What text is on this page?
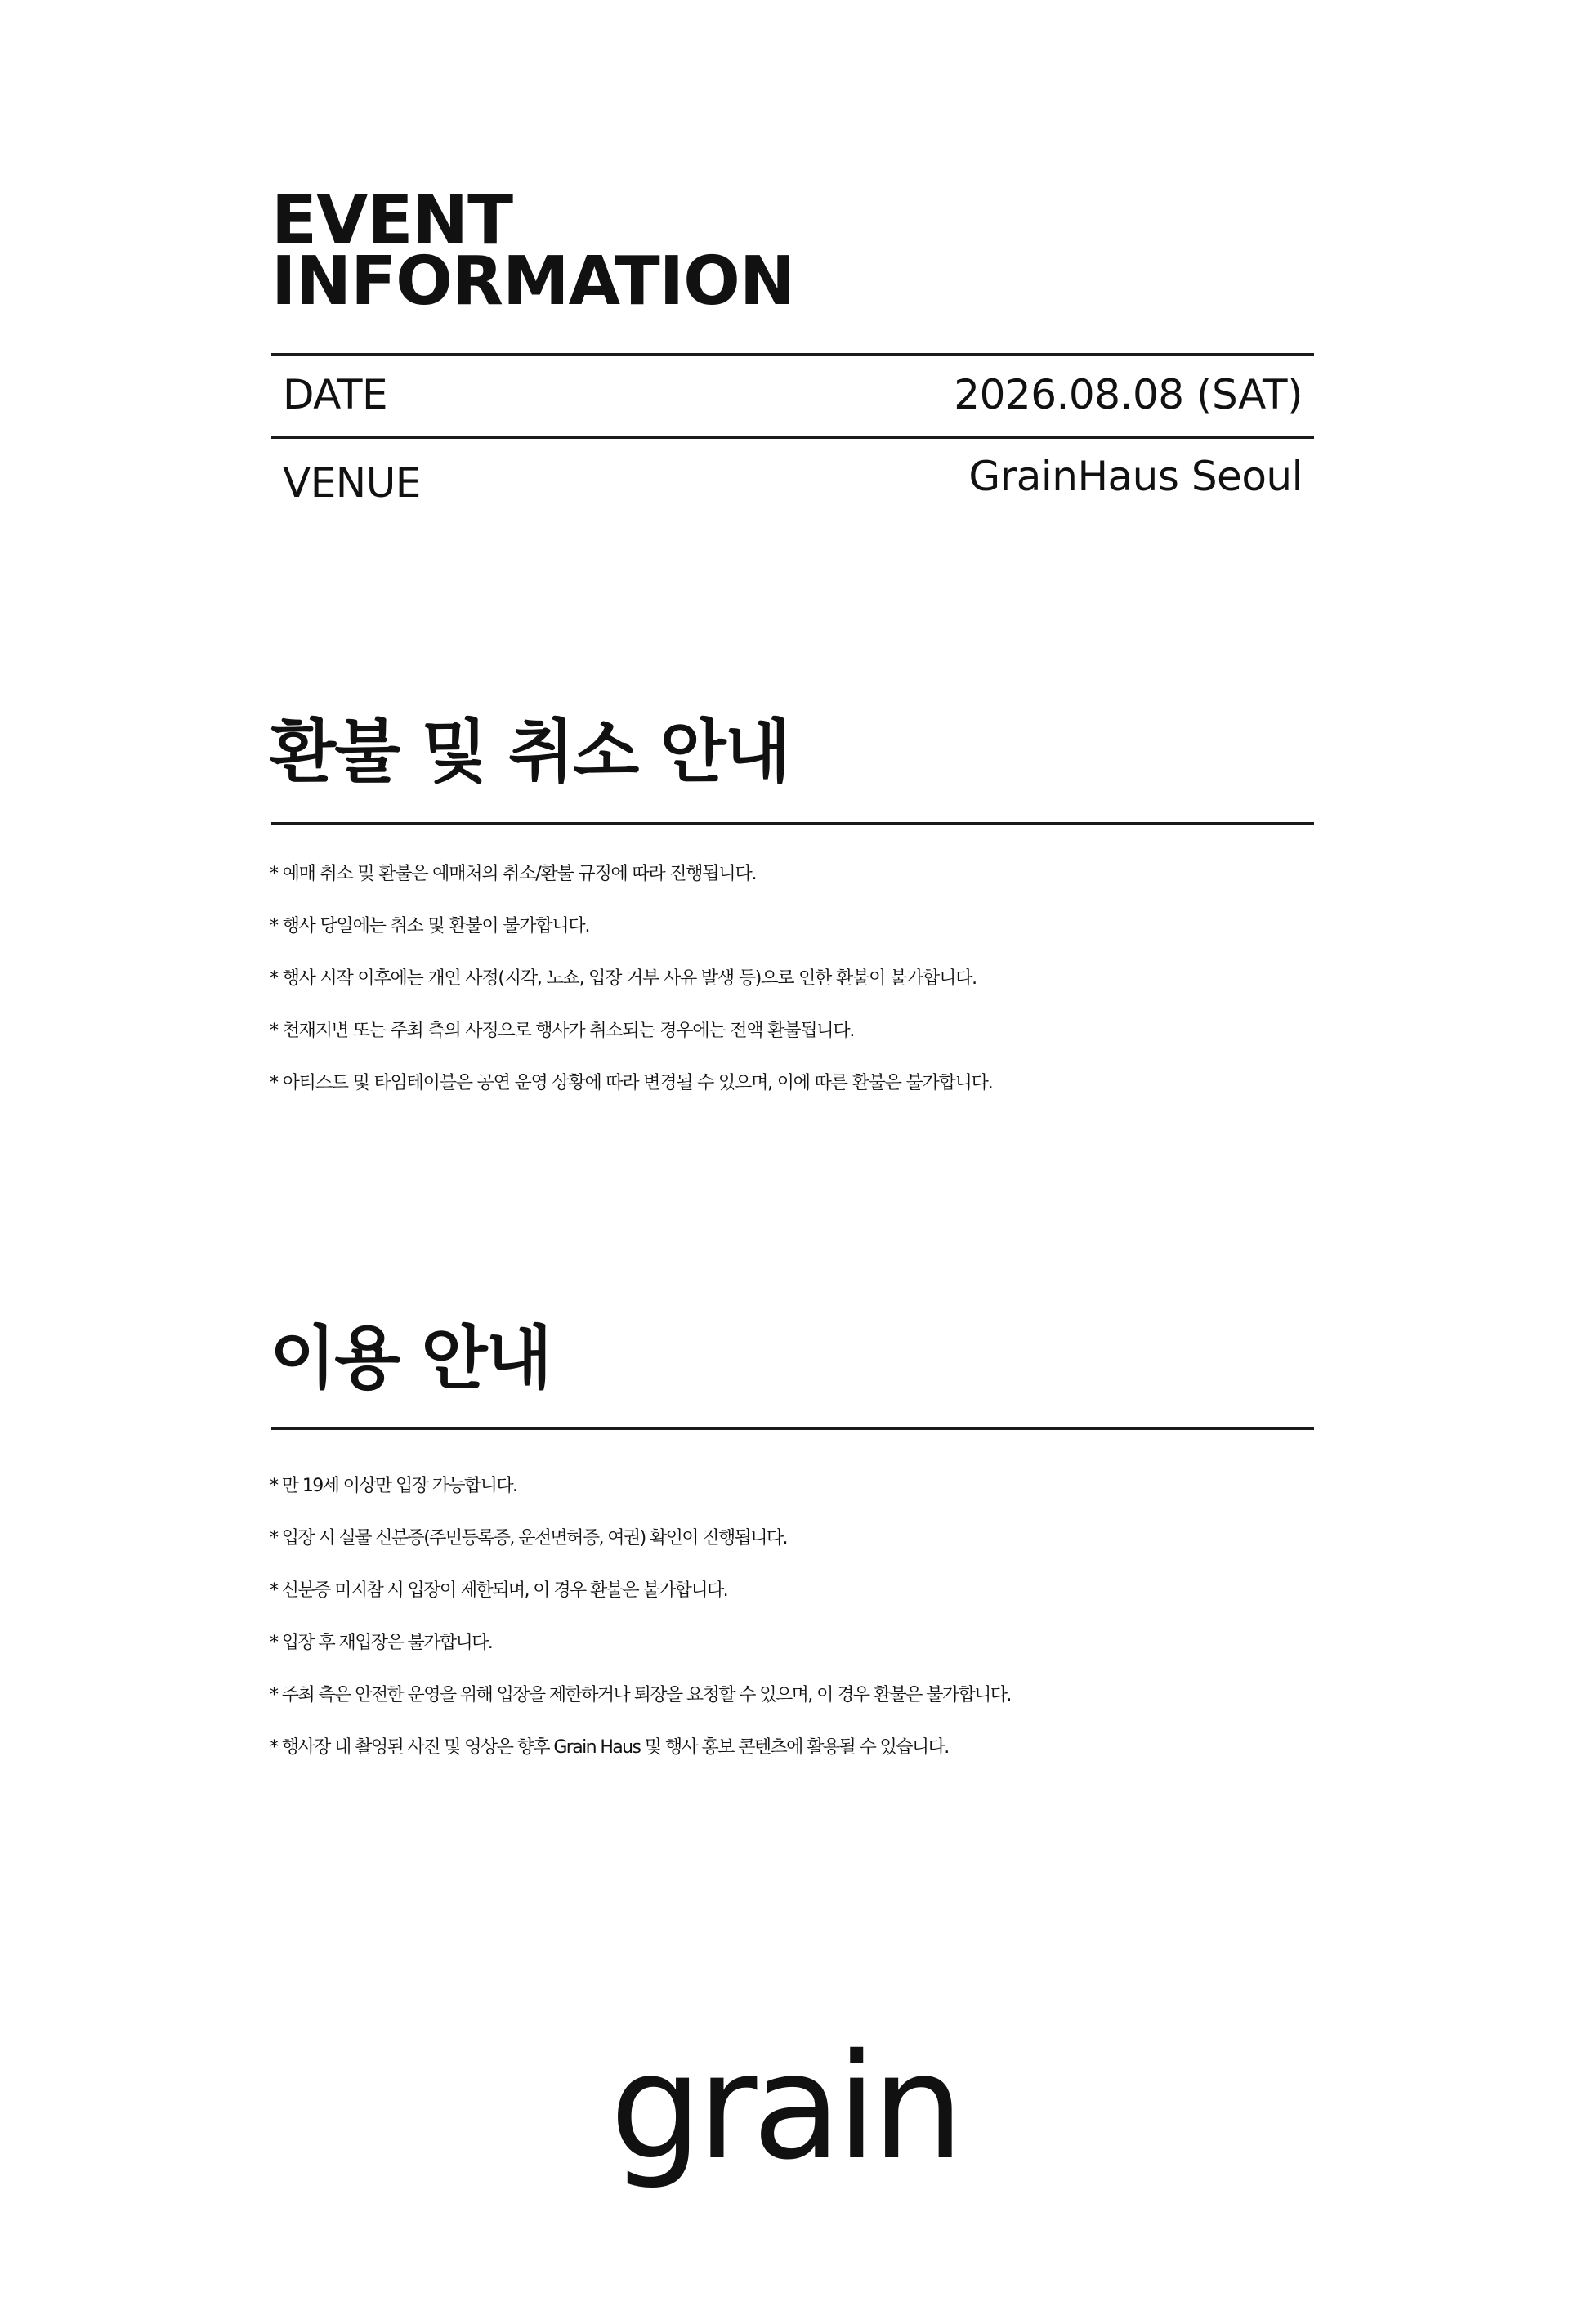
EVENT
INFORMATION
DATE	2026.08.08 (SAT)
VENUE	GrainHaus Seoul
환불 및 취소 안내
* 예매 취소 및 환불은 예매처의 취소/환불 규정에 따라 진행됩니다.
* 행사 당일에는 취소 및 환불이 불가합니다.
* 행사 시작 이후에는 개인 사정(지각, 노쇼, 입장 거부 사유 발생 등)으로 인한 환불이 불가합니다.
* 천재지변 또는 주최 측의 사정으로 행사가 취소되는 경우에는 전액 환불됩니다.
* 아티스트 및 타임테이블은 공연 운영 상황에 따라 변경될 수 있으며, 이에 따른 환불은 불가합니다.
이용 안내
* 만 19세 이상만 입장 가능합니다.
* 입장 시 실물 신분증(주민등록증, 운전면허증, 여권) 확인이 진행됩니다.
* 신분증 미지참 시 입장이 제한되며, 이 경우 환불은 불가합니다.
* 입장 후 재입장은 불가합니다.
* 주최 측은 안전한 운영을 위해 입장을 제한하거나 퇴장을 요청할 수 있으며, 이 경우 환불은 불가합니다.
* 행사장 내 촬영된 사진 및 영상은 향후 Grain Haus 및 행사 홍보 콘텐츠에 활용될 수 있습니다.
grain
